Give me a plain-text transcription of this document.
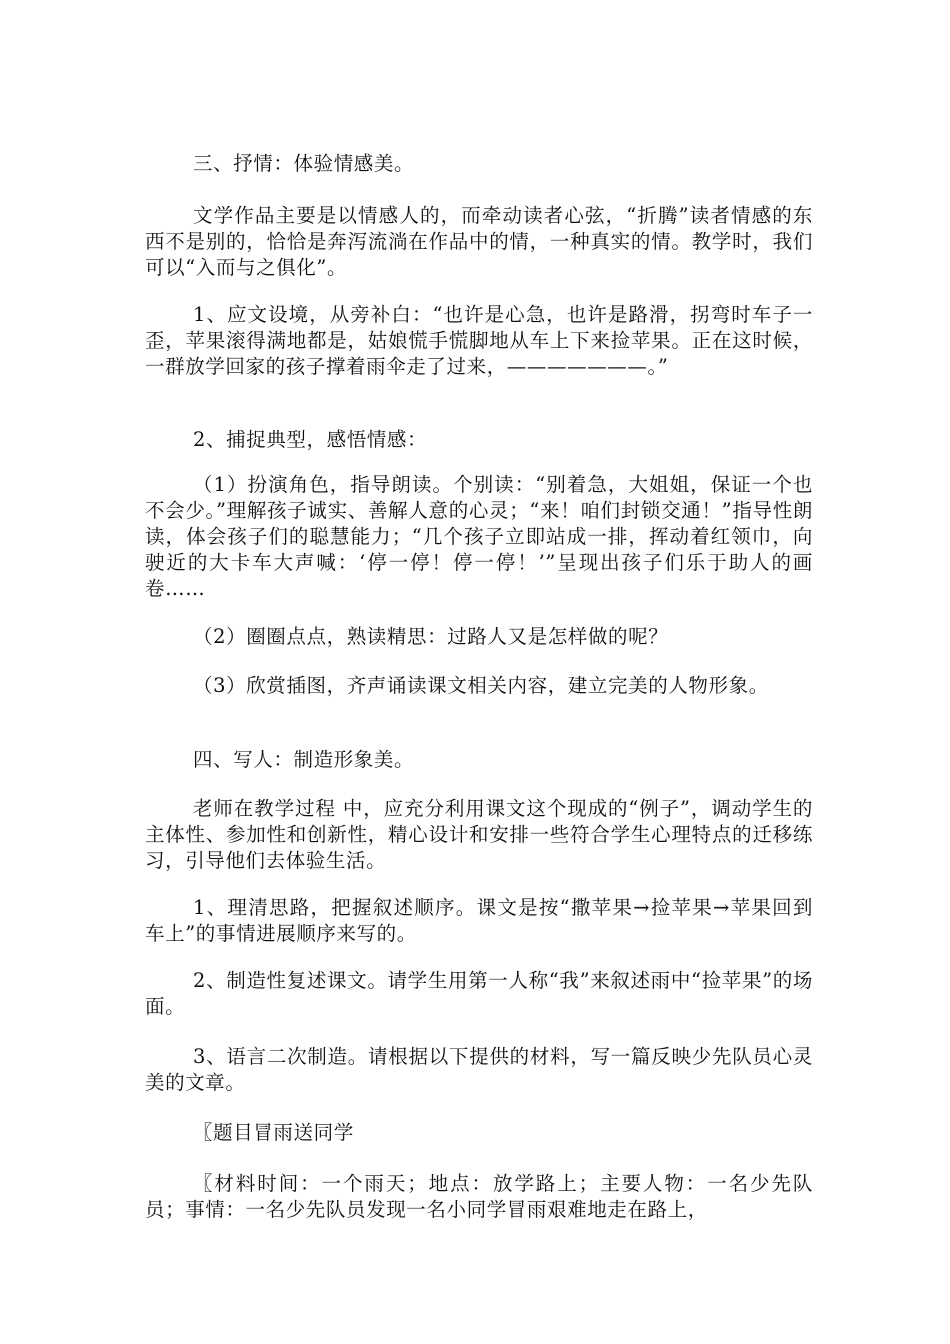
三、抒情：体验情感美。

文学作品主要是以情感人的，而牵动读者心弦，“折腾”读者情感的东西不是别的，恰恰是奔泻流淌在作品中的情，一种真实的情。教学时，我们可以“入而与之俱化”。

1、应文设境，从旁补白：“也许是心急，也许是路滑，拐弯时车子一歪，苹果滚得满地都是，姑娘慌手慌脚地从车上下来捡苹果。正在这时候，一群放学回家的孩子撑着雨伞走了过来，———————。”

2、捕捉典型，感悟情感：

（1）扮演角色，指导朗读。个别读：“别着急，大姐姐，保证一个也不会少。”理解孩子诚实、善解人意的心灵；“来！咱们封锁交通！”指导性朗读，体会孩子们的聪慧能力；“几个孩子立即站成一排，挥动着红领巾，向驶近的大卡车大声喊：‘停一停！停一停！’”呈现出孩子们乐于助人的画卷……

（2）圈圈点点，熟读精思：过路人又是怎样做的呢？

（3）欣赏插图，齐声诵读课文相关内容，建立完美的人物形象。

四、写人：制造形象美。

老师在教学过程 中，应充分利用课文这个现成的“例子”，调动学生的主体性、参加性和创新性，精心设计和安排一些符合学生心理特点的迁移练习，引导他们去体验生活。

1、理清思路，把握叙述顺序。课文是按“撒苹果→捡苹果→苹果回到车上”的事情进展顺序来写的。

2、制造性复述课文。请学生用第一人称“我”来叙述雨中“捡苹果”的场面。

3、语言二次制造。请根据以下提供的材料，写一篇反映少先队员心灵美的文章。

〖题目冒雨送同学

〖材料时间：一个雨天；地点：放学路上；主要人物：一名少先队员；事情：一名少先队员发现一名小同学冒雨艰难地走在路上，
